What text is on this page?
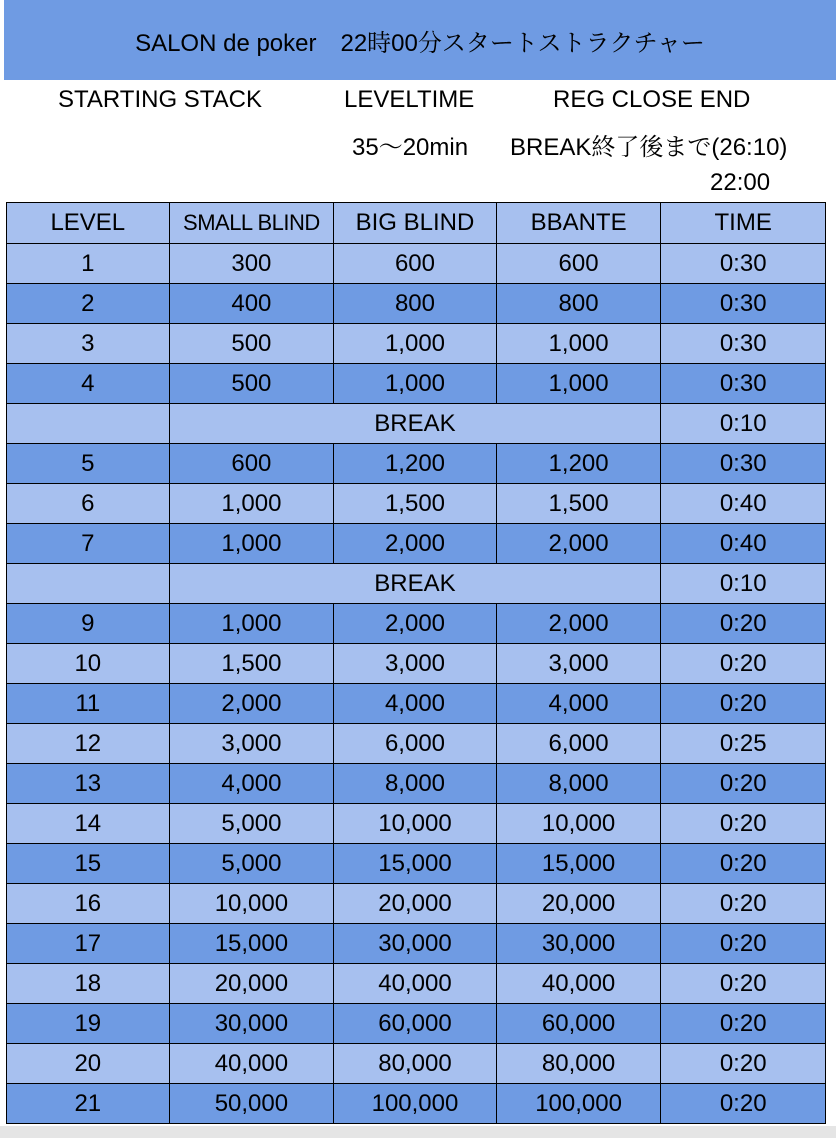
SALON de poker　22時00分スタートストラクチャー
STARTING STACK	LEVELTIME	REG CLOSE END
35〜20min BREAK終了後まで(26:10)
22:00
LEVEL	SMALL BLIND	BIG BLIND	BBANTE	TIME
1	300	600	600	0:30
2	400	800	800	0:30
3	500	1,000	1,000	0:30
4	500	1,000	1,000	0:30
	BREAK			0:10
5	600	1,200	1,200	0:30
6	1,000	1,500	1,500	0:40
7	1,000	2,000	2,000	0:40
	BREAK			0:10
9	1,000	2,000	2,000	0:20
10	1,500	3,000	3,000	0:20
11	2,000	4,000	4,000	0:20
12	3,000	6,000	6,000	0:25
13	4,000	8,000	8,000	0:20
14	5,000	10,000	10,000	0:20
15	5,000	15,000	15,000	0:20
16	10,000	20,000	20,000	0:20
17	15,000	30,000	30,000	0:20
18	20,000	40,000	40,000	0:20
19	30,000	60,000	60,000	0:20
20	40,000	80,000	80,000	0:20
21	50,000	100,000	100,000	0:20
